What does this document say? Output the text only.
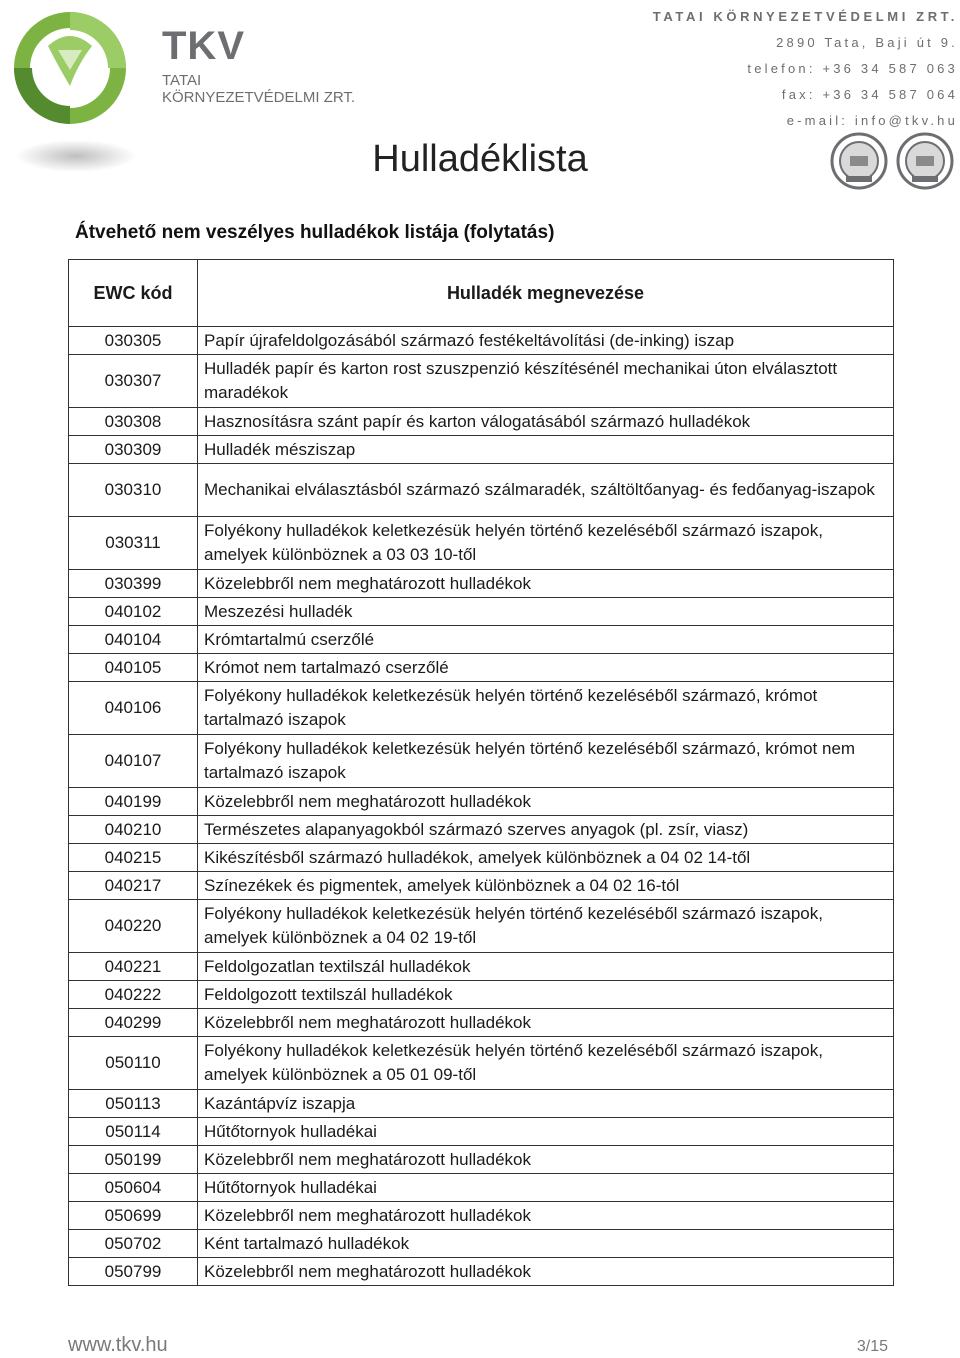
TKV
TATAI
KÖRNYEZETVÉDELMI ZRT.
TATAI KÖRNYEZETVÉDELMI ZRT.
2890 Tata, Baji út 9.
telefon: +36 34 587 063
fax: +36 34 587 064
e-mail: info@tkv.hu
Hulladéklista
Átvehető nem veszélyes hulladékok listája (folytatás)
EWC kód	Hulladék megnevezése
030305	Papír újrafeldolgozásából származó festékeltávolítási (de-inking) iszap
030307	Hulladék papír és karton rost szuszpenzió készítésénél mechanikai úton elválasztott maradékok
030308	Hasznosításra szánt papír és karton válogatásából származó hulladékok
030309	Hulladék mésziszap
030310	Mechanikai elválasztásból származó szálmaradék, száltöltőanyag- és fedőanyag-iszapok
030311	Folyékony hulladékok keletkezésük helyén történő kezeléséből származó iszapok, amelyek különböznek a 03 03 10-től
030399	Közelebbről nem meghatározott hulladékok
040102	Meszezési hulladék
040104	Krómtartalmú cserzőlé
040105	Krómot nem tartalmazó cserzőlé
040106	Folyékony hulladékok keletkezésük helyén történő kezeléséből származó, krómot tartalmazó iszapok
040107	Folyékony hulladékok keletkezésük helyén történő kezeléséből származó, krómot nem tartalmazó iszapok
040199	Közelebbről nem meghatározott hulladékok
040210	Természetes alapanyagokból származó szerves anyagok (pl. zsír, viasz)
040215	Kikészítésből származó hulladékok, amelyek különböznek a 04 02 14-től
040217	Színezékek és pigmentek, amelyek különböznek a 04 02 16-tól
040220	Folyékony hulladékok keletkezésük helyén történő kezeléséből származó iszapok, amelyek különböznek a 04 02 19-től
040221	Feldolgozatlan textilszál hulladékok
040222	Feldolgozott textilszál hulladékok
040299	Közelebbről nem meghatározott hulladékok
050110	Folyékony hulladékok keletkezésük helyén történő kezeléséből származó iszapok, amelyek különböznek a 05 01 09-től
050113	Kazántápvíz iszapja
050114	Hűtőtornyok hulladékai
050199	Közelebbről nem meghatározott hulladékok
050604	Hűtőtornyok hulladékai
050699	Közelebbről nem meghatározott hulladékok
050702	Ként tartalmazó hulladékok
050799	Közelebbről nem meghatározott hulladékok
www.tkv.hu	3/15
